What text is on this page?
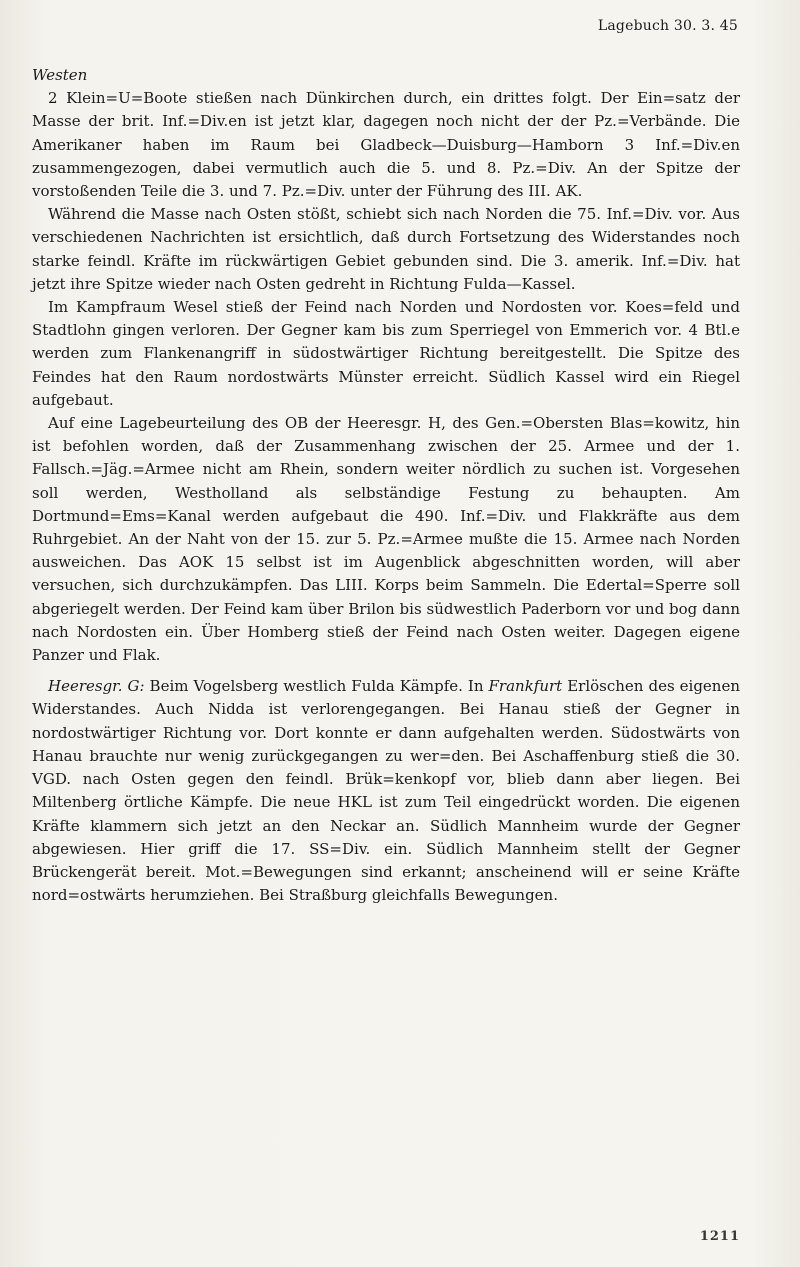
Lagebuch 30. 3. 45

Westen

2 Klein=U=Boote stießen nach Dünkirchen durch, ein drittes folgt. Der Ein=satz der Masse der brit. Inf.=Div.en ist jetzt klar, dagegen noch nicht der der Pz.=Verbände. Die Amerikaner haben im Raum bei Gladbeck—Duisburg—Hamborn 3 Inf.=Div.en zusammengezogen, dabei vermutlich auch die 5. und 8. Pz.=Div. An der Spitze der vorstoßenden Teile die 3. und 7. Pz.=Div. unter der Führung des III. AK.

Während die Masse nach Osten stößt, schiebt sich nach Norden die 75. Inf.=Div. vor. Aus verschiedenen Nachrichten ist ersichtlich, daß durch Fortsetzung des Widerstandes noch starke feindl. Kräfte im rückwärtigen Gebiet gebunden sind. Die 3. amerik. Inf.=Div. hat jetzt ihre Spitze wieder nach Osten gedreht in Richtung Fulda—Kassel.

Im Kampfraum Wesel stieß der Feind nach Norden und Nordosten vor. Koes=feld und Stadtlohn gingen verloren. Der Gegner kam bis zum Sperriegel von Emmerich vor. 4 Btl.e werden zum Flankenangriff in südostwärtiger Richtung bereitgestellt. Die Spitze des Feindes hat den Raum nordostwärts Münster erreicht. Südlich Kassel wird ein Riegel aufgebaut.

Auf eine Lagebeurteilung des OB der Heeresgr. H, des Gen.=Obersten Blas=kowitz, hin ist befohlen worden, daß der Zusammenhang zwischen der 25. Armee und der 1. Fallsch.=Jäg.=Armee nicht am Rhein, sondern weiter nördlich zu suchen ist. Vorgesehen soll werden, Westholland als selbständige Festung zu behaupten. Am Dortmund=Ems=Kanal werden aufgebaut die 490. Inf.=Div. und Flakkräfte aus dem Ruhrgebiet. An der Naht von der 15. zur 5. Pz.=Armee mußte die 15. Armee nach Norden ausweichen. Das AOK 15 selbst ist im Augenblick abgeschnitten worden, will aber versuchen, sich durchzukämpfen. Das LIII. Korps beim Sammeln. Die Edertal=Sperre soll abgeriegelt werden. Der Feind kam über Brilon bis südwestlich Paderborn vor und bog dann nach Nordosten ein. Über Homberg stieß der Feind nach Osten weiter. Dagegen eigene Panzer und Flak.

Heeresgr. G: Beim Vogelsberg westlich Fulda Kämpfe. In Frankfurt Erlöschen des eigenen Widerstandes. Auch Nidda ist verlorengegangen. Bei Hanau stieß der Gegner in nordostwärtiger Richtung vor. Dort konnte er dann aufgehalten werden. Südostwärts von Hanau brauchte nur wenig zurückgegangen zu wer=den. Bei Aschaffenburg stieß die 30. VGD. nach Osten gegen den feindl. Brük=kenkopf vor, blieb dann aber liegen. Bei Miltenberg örtliche Kämpfe. Die neue HKL ist zum Teil eingedrückt worden. Die eigenen Kräfte klammern sich jetzt an den Neckar an. Südlich Mannheim wurde der Gegner abgewiesen. Hier griff die 17. SS=Div. ein. Südlich Mannheim stellt der Gegner Brückengerät bereit. Mot.=Bewegungen sind erkannt; anscheinend will er seine Kräfte nord=ostwärts herumziehen. Bei Straßburg gleichfalls Bewegungen.

1211
